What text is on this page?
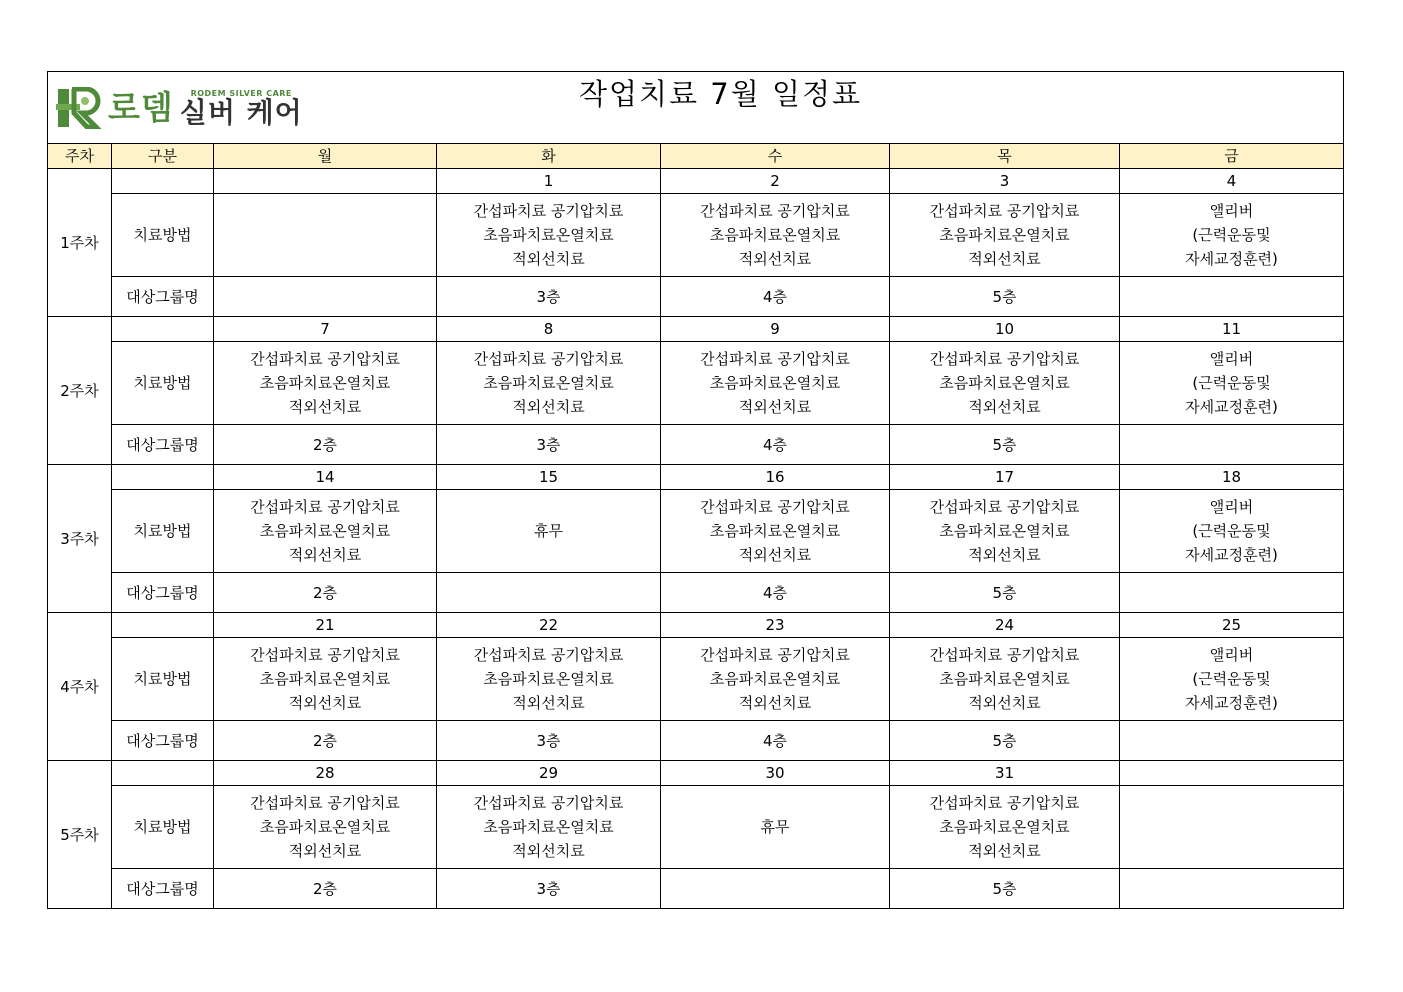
로뎀 RODEM SILVER CARE
실버 케어
작업치료 7월 일정표						

주차	구분	월	화	수	목	금
1주차			1	2	3	4
	치료방법		간섭파치료 공기압치료
초음파치료온열치료
적외선치료	간섭파치료 공기압치료
초음파치료온열치료
적외선치료	간섭파치료 공기압치료
초음파치료온열치료
적외선치료	앨리버
(근력운동및
자세교정훈련)

	대상그룹명		3층	4층	5층	
2주차		7	8	9	10	11
	치료방법	간섭파치료 공기압치료
초음파치료온열치료
적외선치료	간섭파치료 공기압치료
초음파치료온열치료
적외선치료	간섭파치료 공기압치료
초음파치료온열치료
적외선치료	간섭파치료 공기압치료
초음파치료온열치료
적외선치료	앨리버
(근력운동및
자세교정훈련)

	대상그룹명	2층	3층	4층	5층	
3주차		14	15	16	17	18
	치료방법	간섭파치료 공기압치료
초음파치료온열치료
적외선치료	휴무	간섭파치료 공기압치료
초음파치료온열치료
적외선치료	간섭파치료 공기압치료
초음파치료온열치료
적외선치료	앨리버
(근력운동및
자세교정훈련)

	대상그룹명	2층		4층	5층	
4주차		21	22	23	24	25
	치료방법	간섭파치료 공기압치료
초음파치료온열치료
적외선치료	간섭파치료 공기압치료
초음파치료온열치료
적외선치료	간섭파치료 공기압치료
초음파치료온열치료
적외선치료	간섭파치료 공기압치료
초음파치료온열치료
적외선치료	앨리버
(근력운동및
자세교정훈련)

	대상그룹명	2층	3층	4층	5층	
5주차		28	29	30	31	
	치료방법	간섭파치료 공기압치료
초음파치료온열치료
적외선치료	간섭파치료 공기압치료
초음파치료온열치료
적외선치료	휴무	간섭파치료 공기압치료
초음파치료온열치료
적외선치료	

	대상그룹명	2층	3층		5층	
